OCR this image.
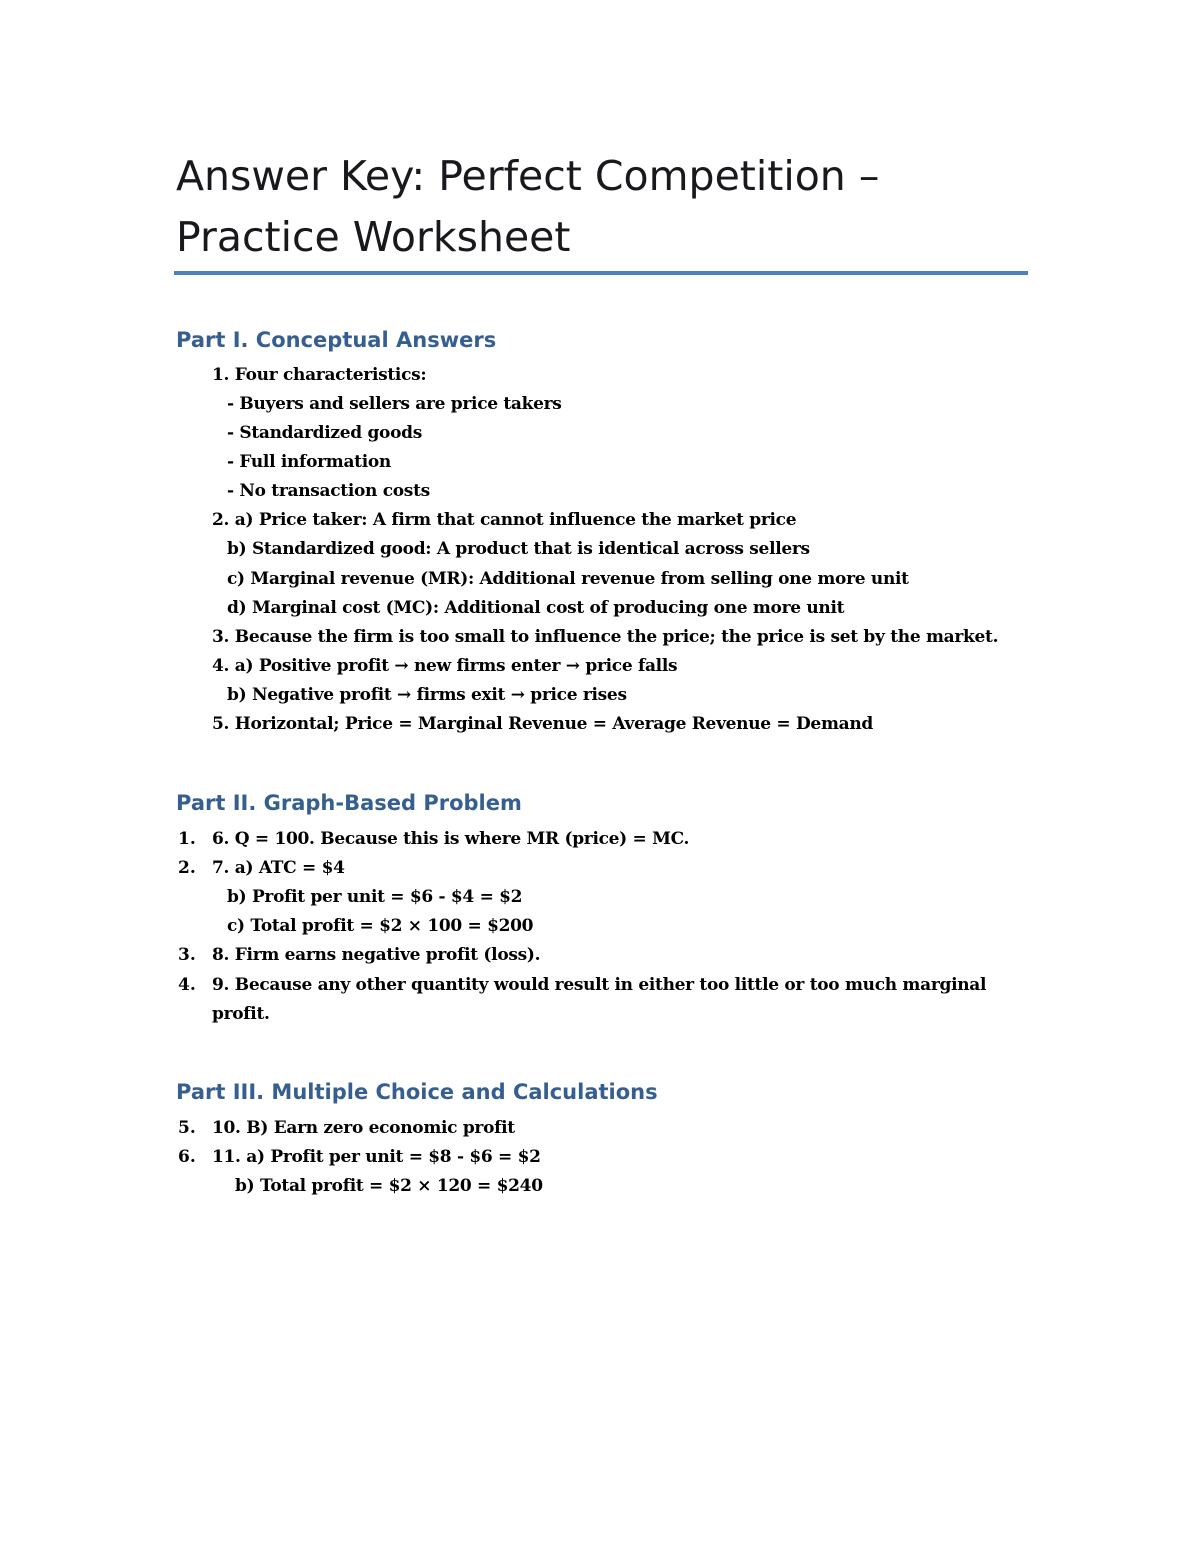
Answer Key: Perfect Competition –
Practice Worksheet
Part I. Conceptual Answers
1. Four characteristics:
- Buyers and sellers are price takers
- Standardized goods
- Full information
- No transaction costs
2. a) Price taker: A firm that cannot influence the market price
b) Standardized good: A product that is identical across sellers
c) Marginal revenue (MR): Additional revenue from selling one more unit
d) Marginal cost (MC): Additional cost of producing one more unit
3. Because the firm is too small to influence the price; the price is set by the market.
4. a) Positive profit → new firms enter → price falls
b) Negative profit → firms exit → price rises
5. Horizontal; Price = Marginal Revenue = Average Revenue = Demand
Part II. Graph-Based Problem
1. 6. Q = 100. Because this is where MR (price) = MC.
2. 7. a) ATC = $4
b) Profit per unit = $6 - $4 = $2
c) Total profit = $2 × 100 = $200
3. 8. Firm earns negative profit (loss).
4. 9. Because any other quantity would result in either too little or too much marginal
profit.
Part III. Multiple Choice and Calculations
5. 10. B) Earn zero economic profit
6. 11. a) Profit per unit = $8 - $6 = $2
b) Total profit = $2 × 120 = $240
